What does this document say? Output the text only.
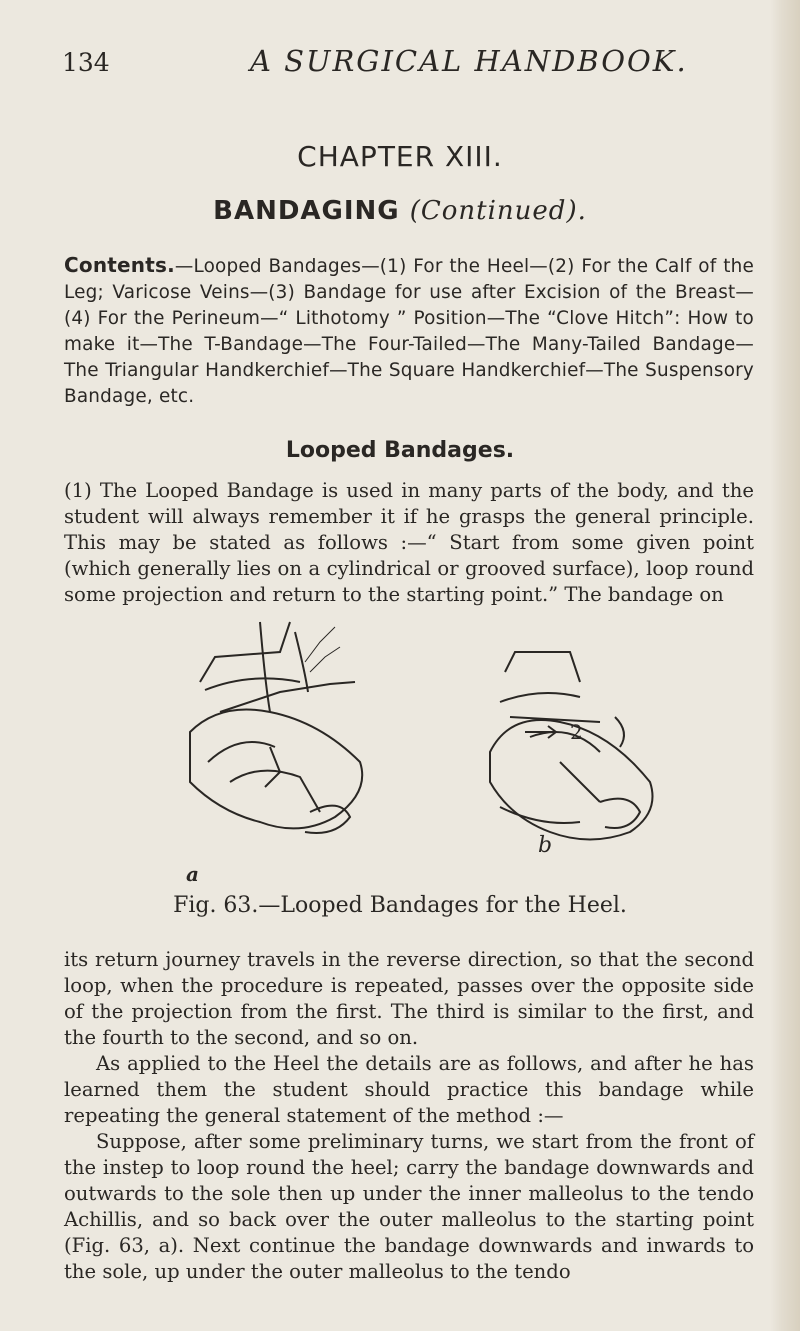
134	A SURGICAL HANDBOOK.
CHAPTER XIII.
BANDAGING (Continued).
Contents.—Looped Bandages—(1) For the Heel—(2) For the Calf of the Leg; Varicose Veins—(3) Bandage for use after Excision of the Breast—(4) For the Perineum—“ Lithotomy ” Position—The “Clove Hitch”: How to make it—The T-Bandage—The Four-Tailed—The Many-Tailed Bandage—The Triangular Handkerchief—The Square Handkerchief—The Suspensory Bandage, etc.
Looped Bandages.

(1) The Looped Bandage is used in many parts of the body, and the student will always remember it if he grasps the general principle. This may be stated as follows :—“ Start from some given point (which generally lies on a cylindrical or grooved surface), loop round some projection and return to the starting point.” The bandage on

2
b
a
Fig. 63.—Looped Bandages for the Heel.

its return journey travels in the reverse direction, so that the second loop, when the procedure is repeated, passes over the opposite side of the projection from the first. The third is similar to the first, and the fourth to the second, and so on.

As applied to the Heel the details are as follows, and after he has learned them the student should practice this bandage while repeating the general statement of the method :—

Suppose, after some preliminary turns, we start from the front of the instep to loop round the heel; carry the bandage downwards and outwards to the sole then up under the inner malleolus to the tendo Achillis, and so back over the outer malleolus to the starting point (Fig. 63, a). Next continue the bandage downwards and inwards to the sole, up under the outer malleolus to the tendo
